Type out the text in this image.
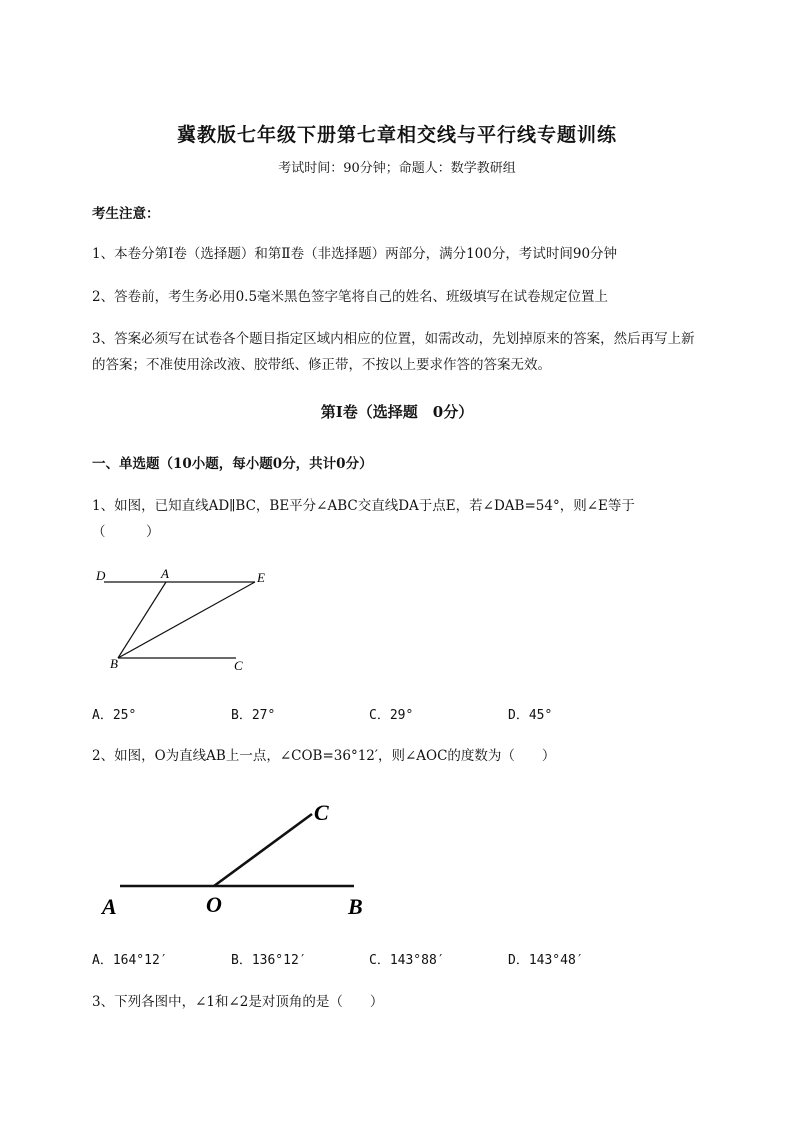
冀教版七年级下册第七章相交线与平行线专题训练
考试时间：90分钟；命题人：数学教研组
考生注意：
1、本卷分第Ⅰ卷（选择题）和第Ⅱ卷（非选择题）两部分，满分100分，考试时间90分钟
2、答卷前，考生务必用0.5毫米黑色签字笔将自己的姓名、班级填写在试卷规定位置上
3、答案必须写在试卷各个题目指定区域内相应的位置，如需改动，先划掉原来的答案，然后再写上新
的答案；不准使用涂改液、胶带纸、修正带，不按以上要求作答的答案无效。
第Ⅰ卷（选择题　0分）
一、单选题（10小题，每小题0分，共计0分）
1、如图，已知直线AD∥BC，BE平分∠ABC交直线DA于点E，若∠DAB=54°，则∠E等于
（　　　）
D	A	E
B	C
A．25°	B．27°	C．29°	D．45°
2、如图，O为直线AB上一点，∠COB=36°12′，则∠AOC的度数为（　　）
A	O	B
C
A．164°12′	B．136°12′	C．143°88′	D．143°48′
3、下列各图中，∠1和∠2是对顶角的是（　　）
